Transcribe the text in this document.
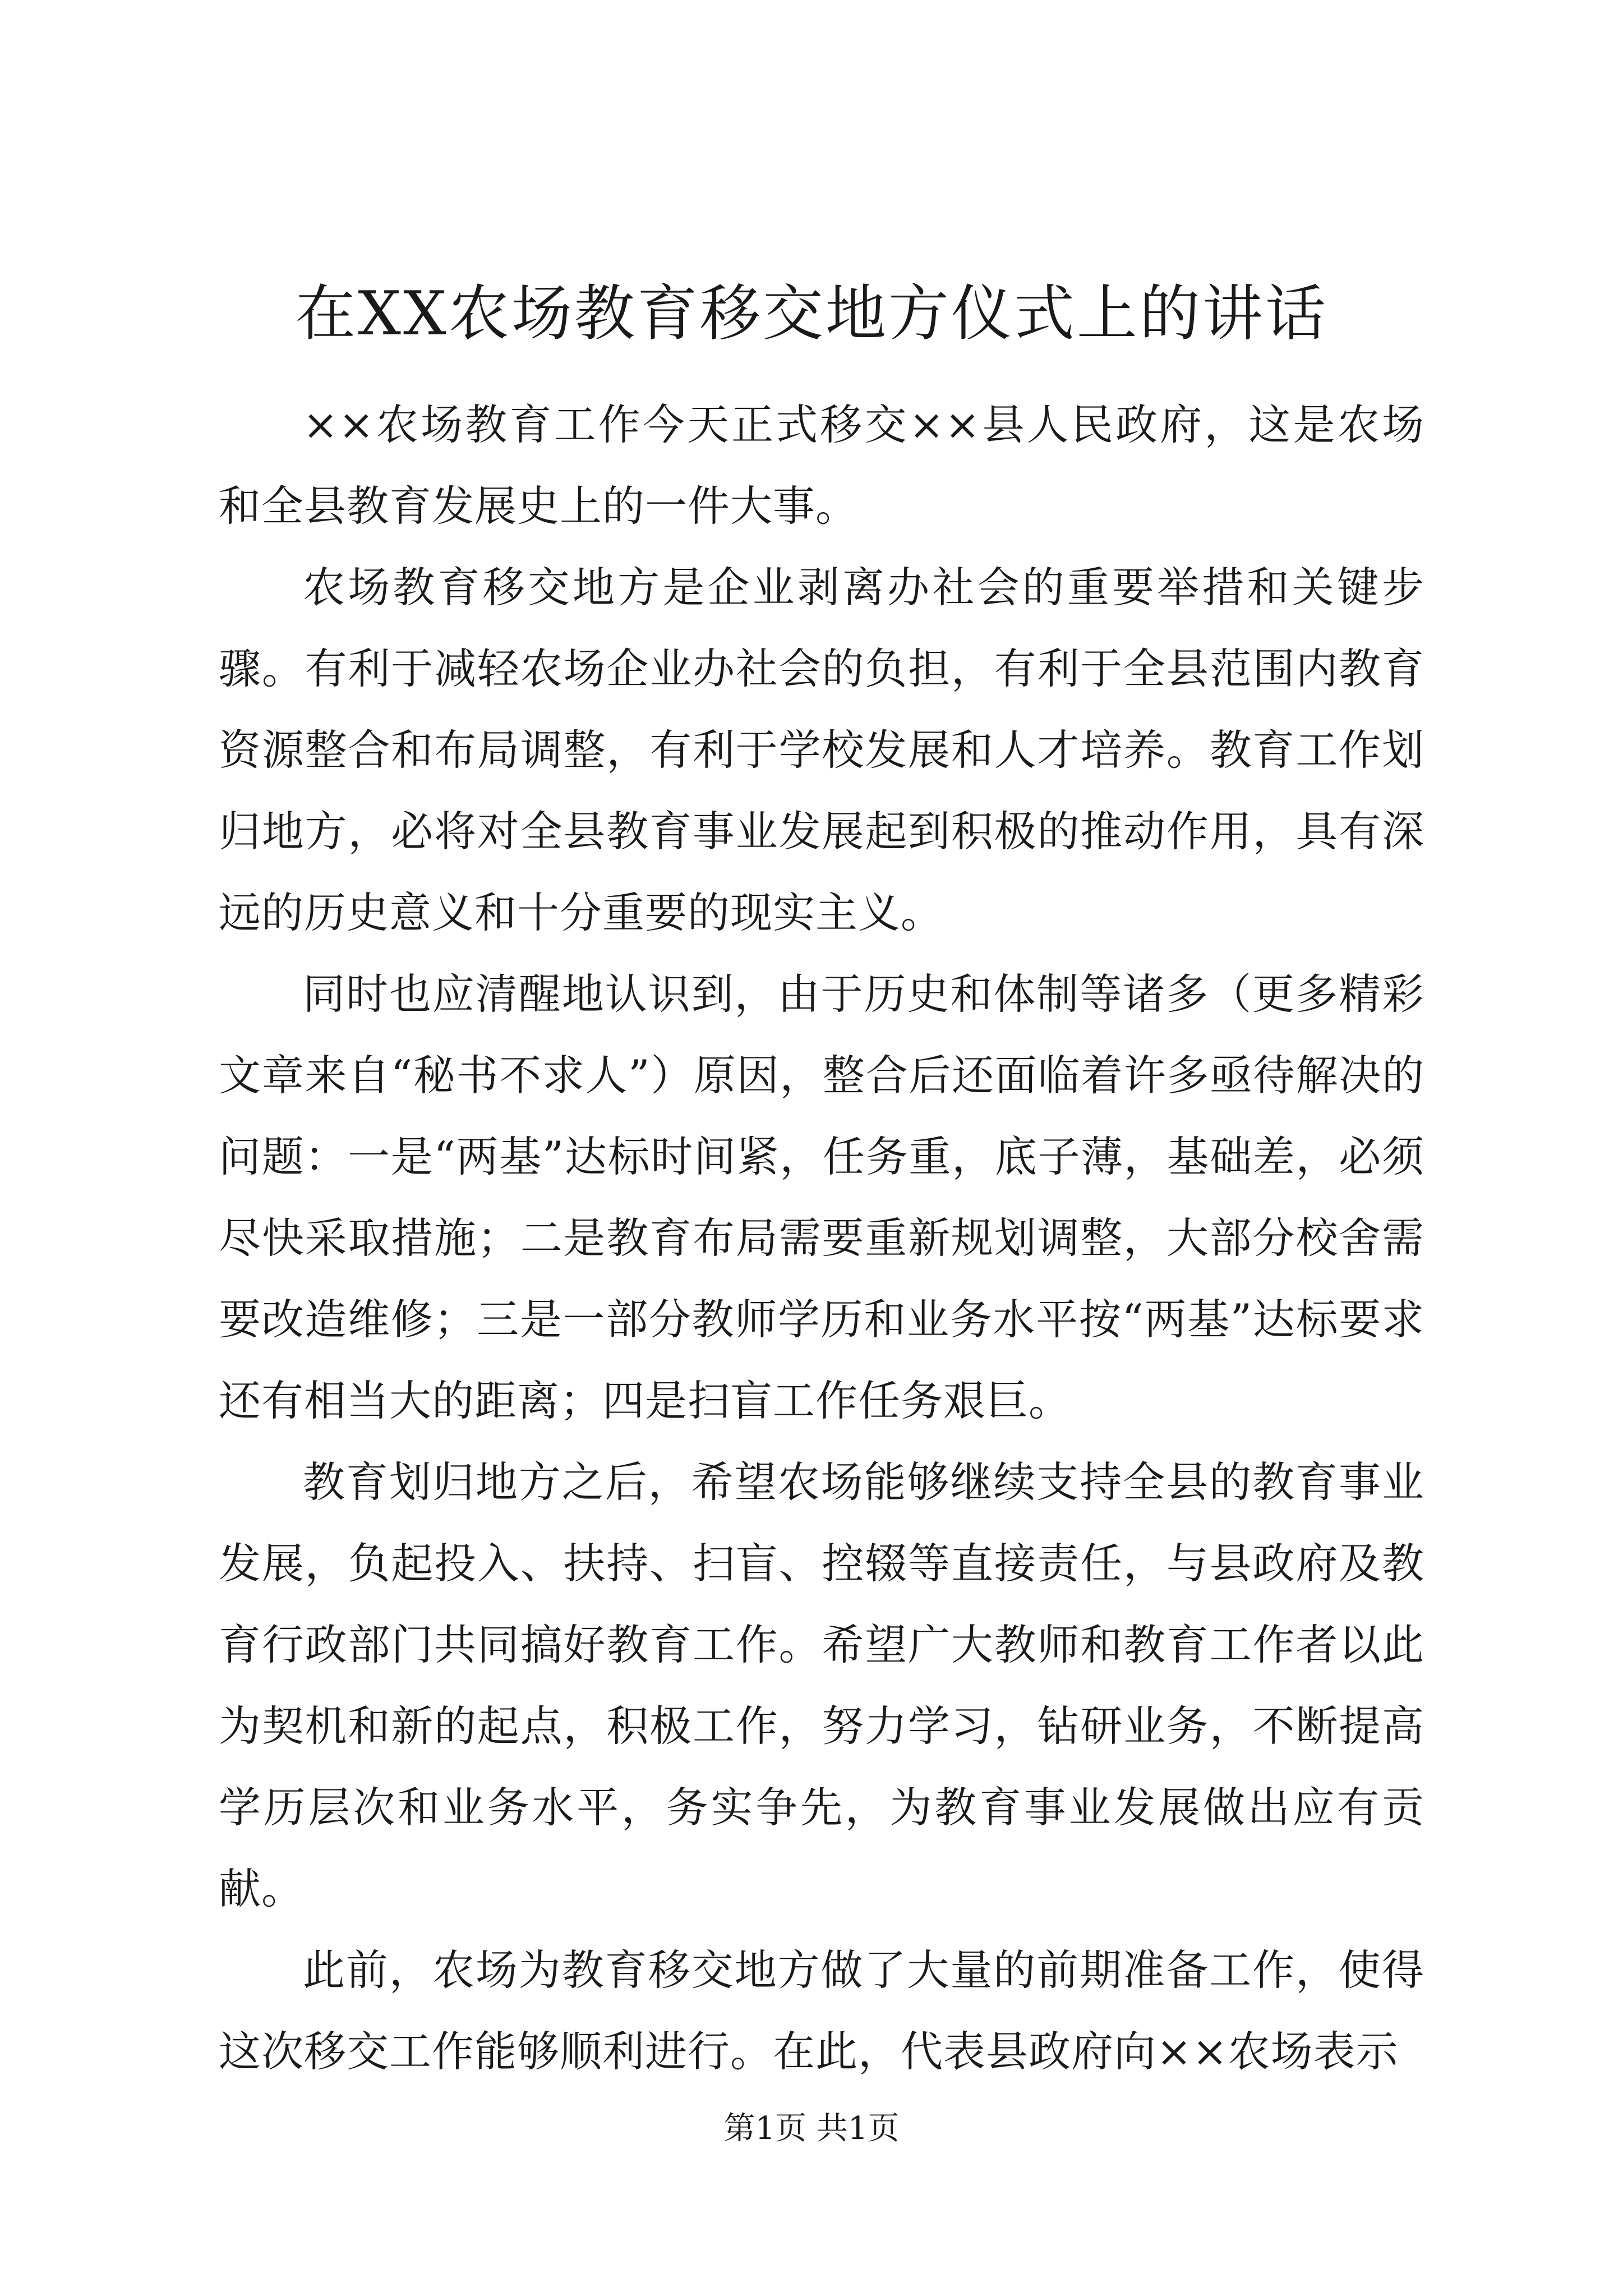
在XX农场教育移交地方仪式上的讲话

××农场教育工作今天正式移交××县人民政府，这是农场和全县教育发展史上的一件大事。

农场教育移交地方是企业剥离办社会的重要举措和关键步骤。有利于减轻农场企业办社会的负担，有利于全县范围内教育资源整合和布局调整，有利于学校发展和人才培养。教育工作划归地方，必将对全县教育事业发展起到积极的推动作用，具有深远的历史意义和十分重要的现实主义。

同时也应清醒地认识到，由于历史和体制等诸多（更多精彩文章来自“秘书不求人”）原因，整合后还面临着许多亟待解决的问题：一是“两基”达标时间紧，任务重，底子薄，基础差，必须尽快采取措施；二是教育布局需要重新规划调整，大部分校舍需要改造维修；三是一部分教师学历和业务水平按“两基”达标要求还有相当大的距离；四是扫盲工作任务艰巨。

教育划归地方之后，希望农场能够继续支持全县的教育事业发展，负起投入、扶持、扫盲、控辍等直接责任，与县政府及教育行政部门共同搞好教育工作。希望广大教师和教育工作者以此为契机和新的起点，积极工作，努力学习，钻研业务，不断提高学历层次和业务水平，务实争先，为教育事业发展做出应有贡献。

此前，农场为教育移交地方做了大量的前期准备工作，使得这次移交工作能够顺利进行。在此，代表县政府向××农场表示

第1页 共1页
